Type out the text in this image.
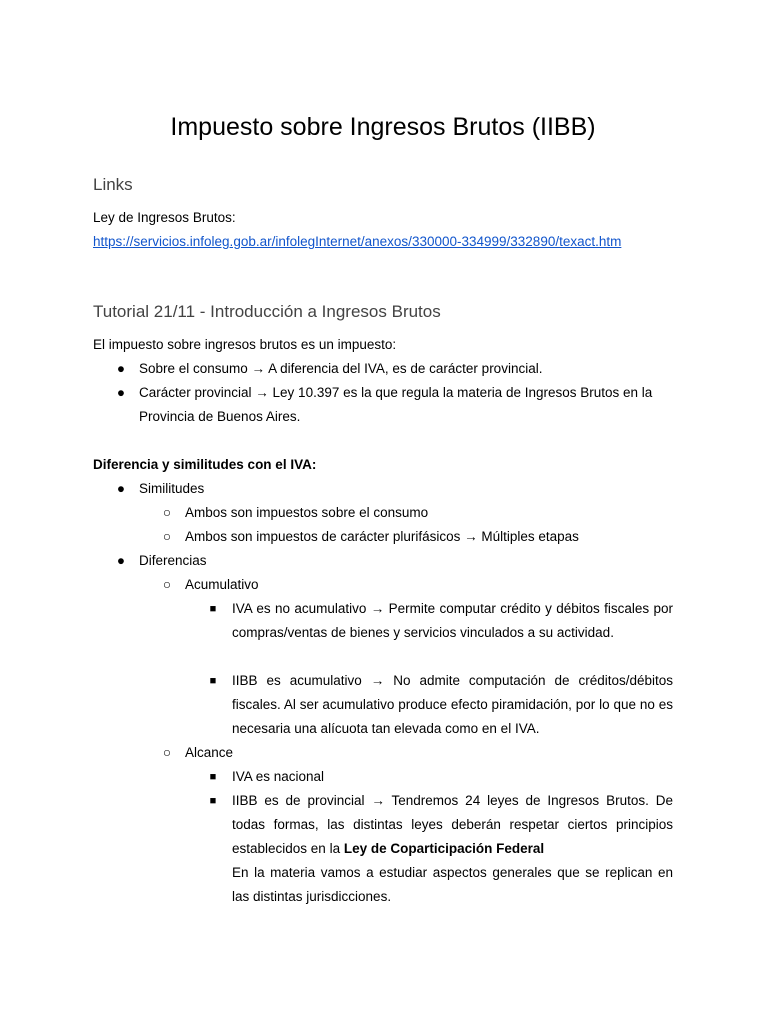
Impuesto sobre Ingresos Brutos (IIBB)
Links

Ley de Ingresos Brutos:
https://servicios.infoleg.gob.ar/infolegInternet/anexos/330000-334999/332890/texact.htm

Tutorial 21/11 - Introducción a Ingresos Brutos

El impuesto sobre ingresos brutos es un impuesto:

●	Sobre el consumo → A diferencia del IVA, es de carácter provincial.
●	Carácter provincial → Ley 10.397 es la que regula la materia de Ingresos Brutos en la Provincia de Buenos Aires.

Diferencia y similitudes con el IVA:

●	Similitudes
○	Ambos son impuestos sobre el consumo
○	Ambos son impuestos de carácter plurifásicos → Múltiples etapas
●	Diferencias
○	Acumulativo
■	IVA es no acumulativo → Permite computar crédito y débitos fiscales por compras/ventas de bienes y servicios vinculados a su actividad.
■	IIBB es acumulativo → No admite computación de créditos/débitos fiscales. Al ser acumulativo produce efecto piramidación, por lo que no es necesaria una alícuota tan elevada como en el IVA.
○	Alcance
■	IVA es nacional
■	IIBB es de provincial → Tendremos 24 leyes de Ingresos Brutos. De todas formas, las distintas leyes deberán respetar ciertos principios establecidos en la Ley de Coparticipación Federal
En la materia vamos a estudiar aspectos generales que se replican en las distintas jurisdicciones.
